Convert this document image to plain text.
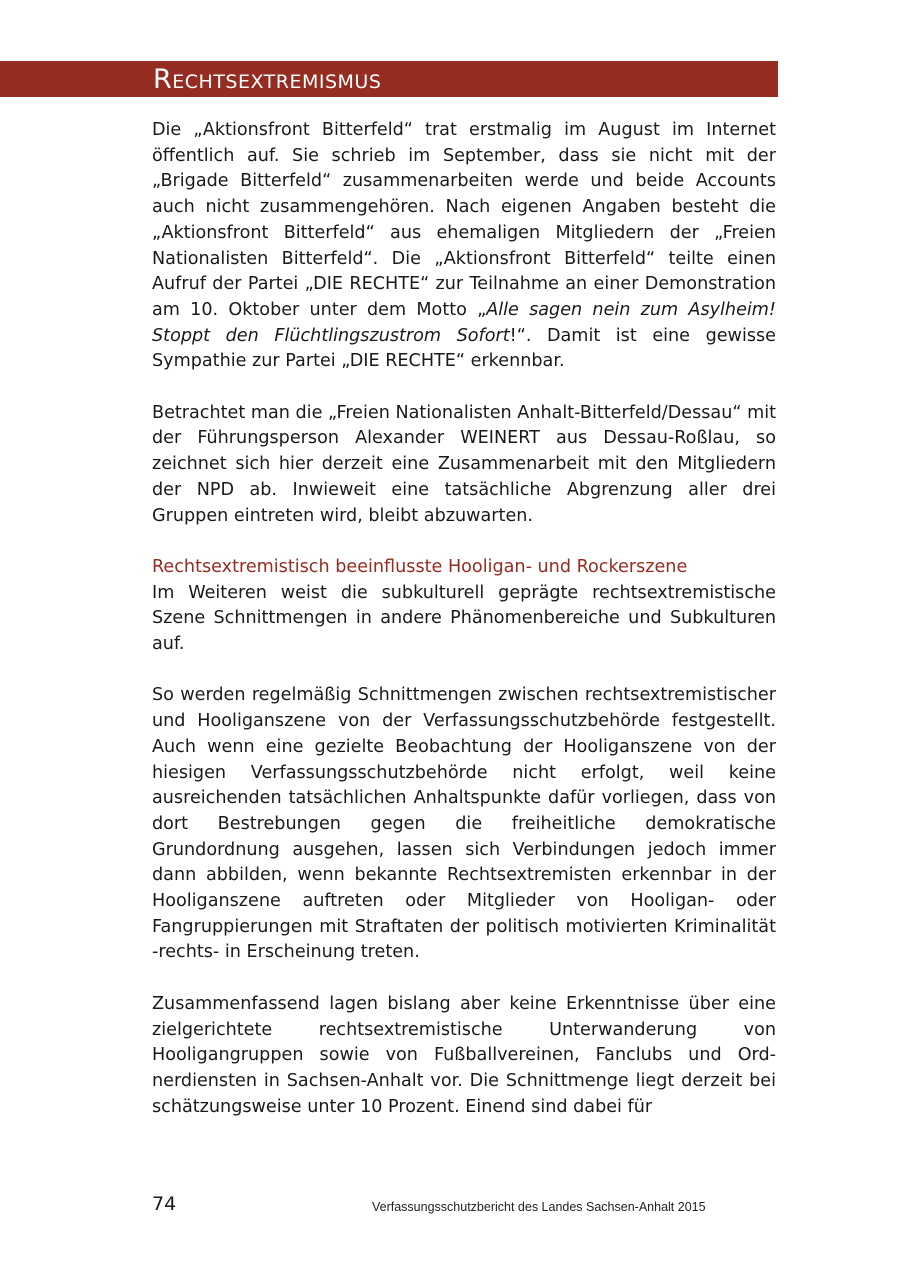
Rechtsextremismus

Die „Aktionsfront Bitterfeld“ trat erstmalig im August im Internet öffentlich auf. Sie schrieb im September, dass sie nicht mit der „Brigade Bitterfeld“ zusammenarbeiten werde und beide Accounts auch nicht zusammengehören. Nach eigenen Angaben besteht die „Aktionsfront Bitterfeld“ aus ehemaligen Mitgliedern der „Freien Nationalisten Bitterfeld“. Die „Aktionsfront Bitterfeld“ teilte einen Aufruf der Partei „DIE RECHTE“ zur Teilnahme an einer Demonstration am 10. Oktober unter dem Motto „Alle sagen nein zum Asylheim! Stoppt den Flüchtlingszustrom Sofort!“. Damit ist eine gewisse Sympathie zur Partei „DIE RECHTE“ erkennbar.

Betrachtet man die „Freien Nationalisten Anhalt-Bitterfeld/Dessau“ mit der Führungsperson Alexander WEINERT aus Dessau-Roßlau, so zeichnet sich hier derzeit eine Zusammenarbeit mit den Mitgliedern der NPD ab. Inwieweit eine tatsächliche Abgrenzung aller drei Gruppen eintreten wird, bleibt abzuwarten.

Rechtsextremistisch beeinflusste Hooligan- und Rockerszene

Im Weiteren weist die subkulturell geprägte rechtsextremistische Szene Schnittmengen in andere Phänomenbereiche und Subkulturen auf.

So werden regelmäßig Schnittmengen zwischen rechtsextremistischer und Hooliganszene von der Verfassungsschutzbehörde festgestellt. Auch wenn eine gezielte Beobachtung der Hooliganszene von der hiesigen Verfassungsschutzbehörde nicht erfolgt, weil keine ausreichenden tatsächlichen Anhaltspunkte dafür vorliegen, dass von dort Bestrebungen gegen die freiheitliche demokratische Grundordnung ausgehen, lassen sich Verbindungen jedoch immer dann abbilden, wenn bekannte Rechtsextremisten erkennbar in der Hooliganszene auftreten oder Mitglieder von Hooligan- oder Fangruppierungen mit Straftaten der politisch motivierten Kriminalität -rechts- in Erscheinung treten.

Zusammenfassend lagen bislang aber keine Erkenntnisse über eine zielgerichtete rechtsextremistische Unterwanderung von Hooligangruppen sowie von Fußballvereinen, Fanclubs und Ordnerdiensten in Sachsen-Anhalt vor. Die Schnittmenge liegt derzeit bei schätzungsweise unter 10 Prozent. Einend sind dabei für

74	Verfassungsschutzbericht des Landes Sachsen-Anhalt 2015
